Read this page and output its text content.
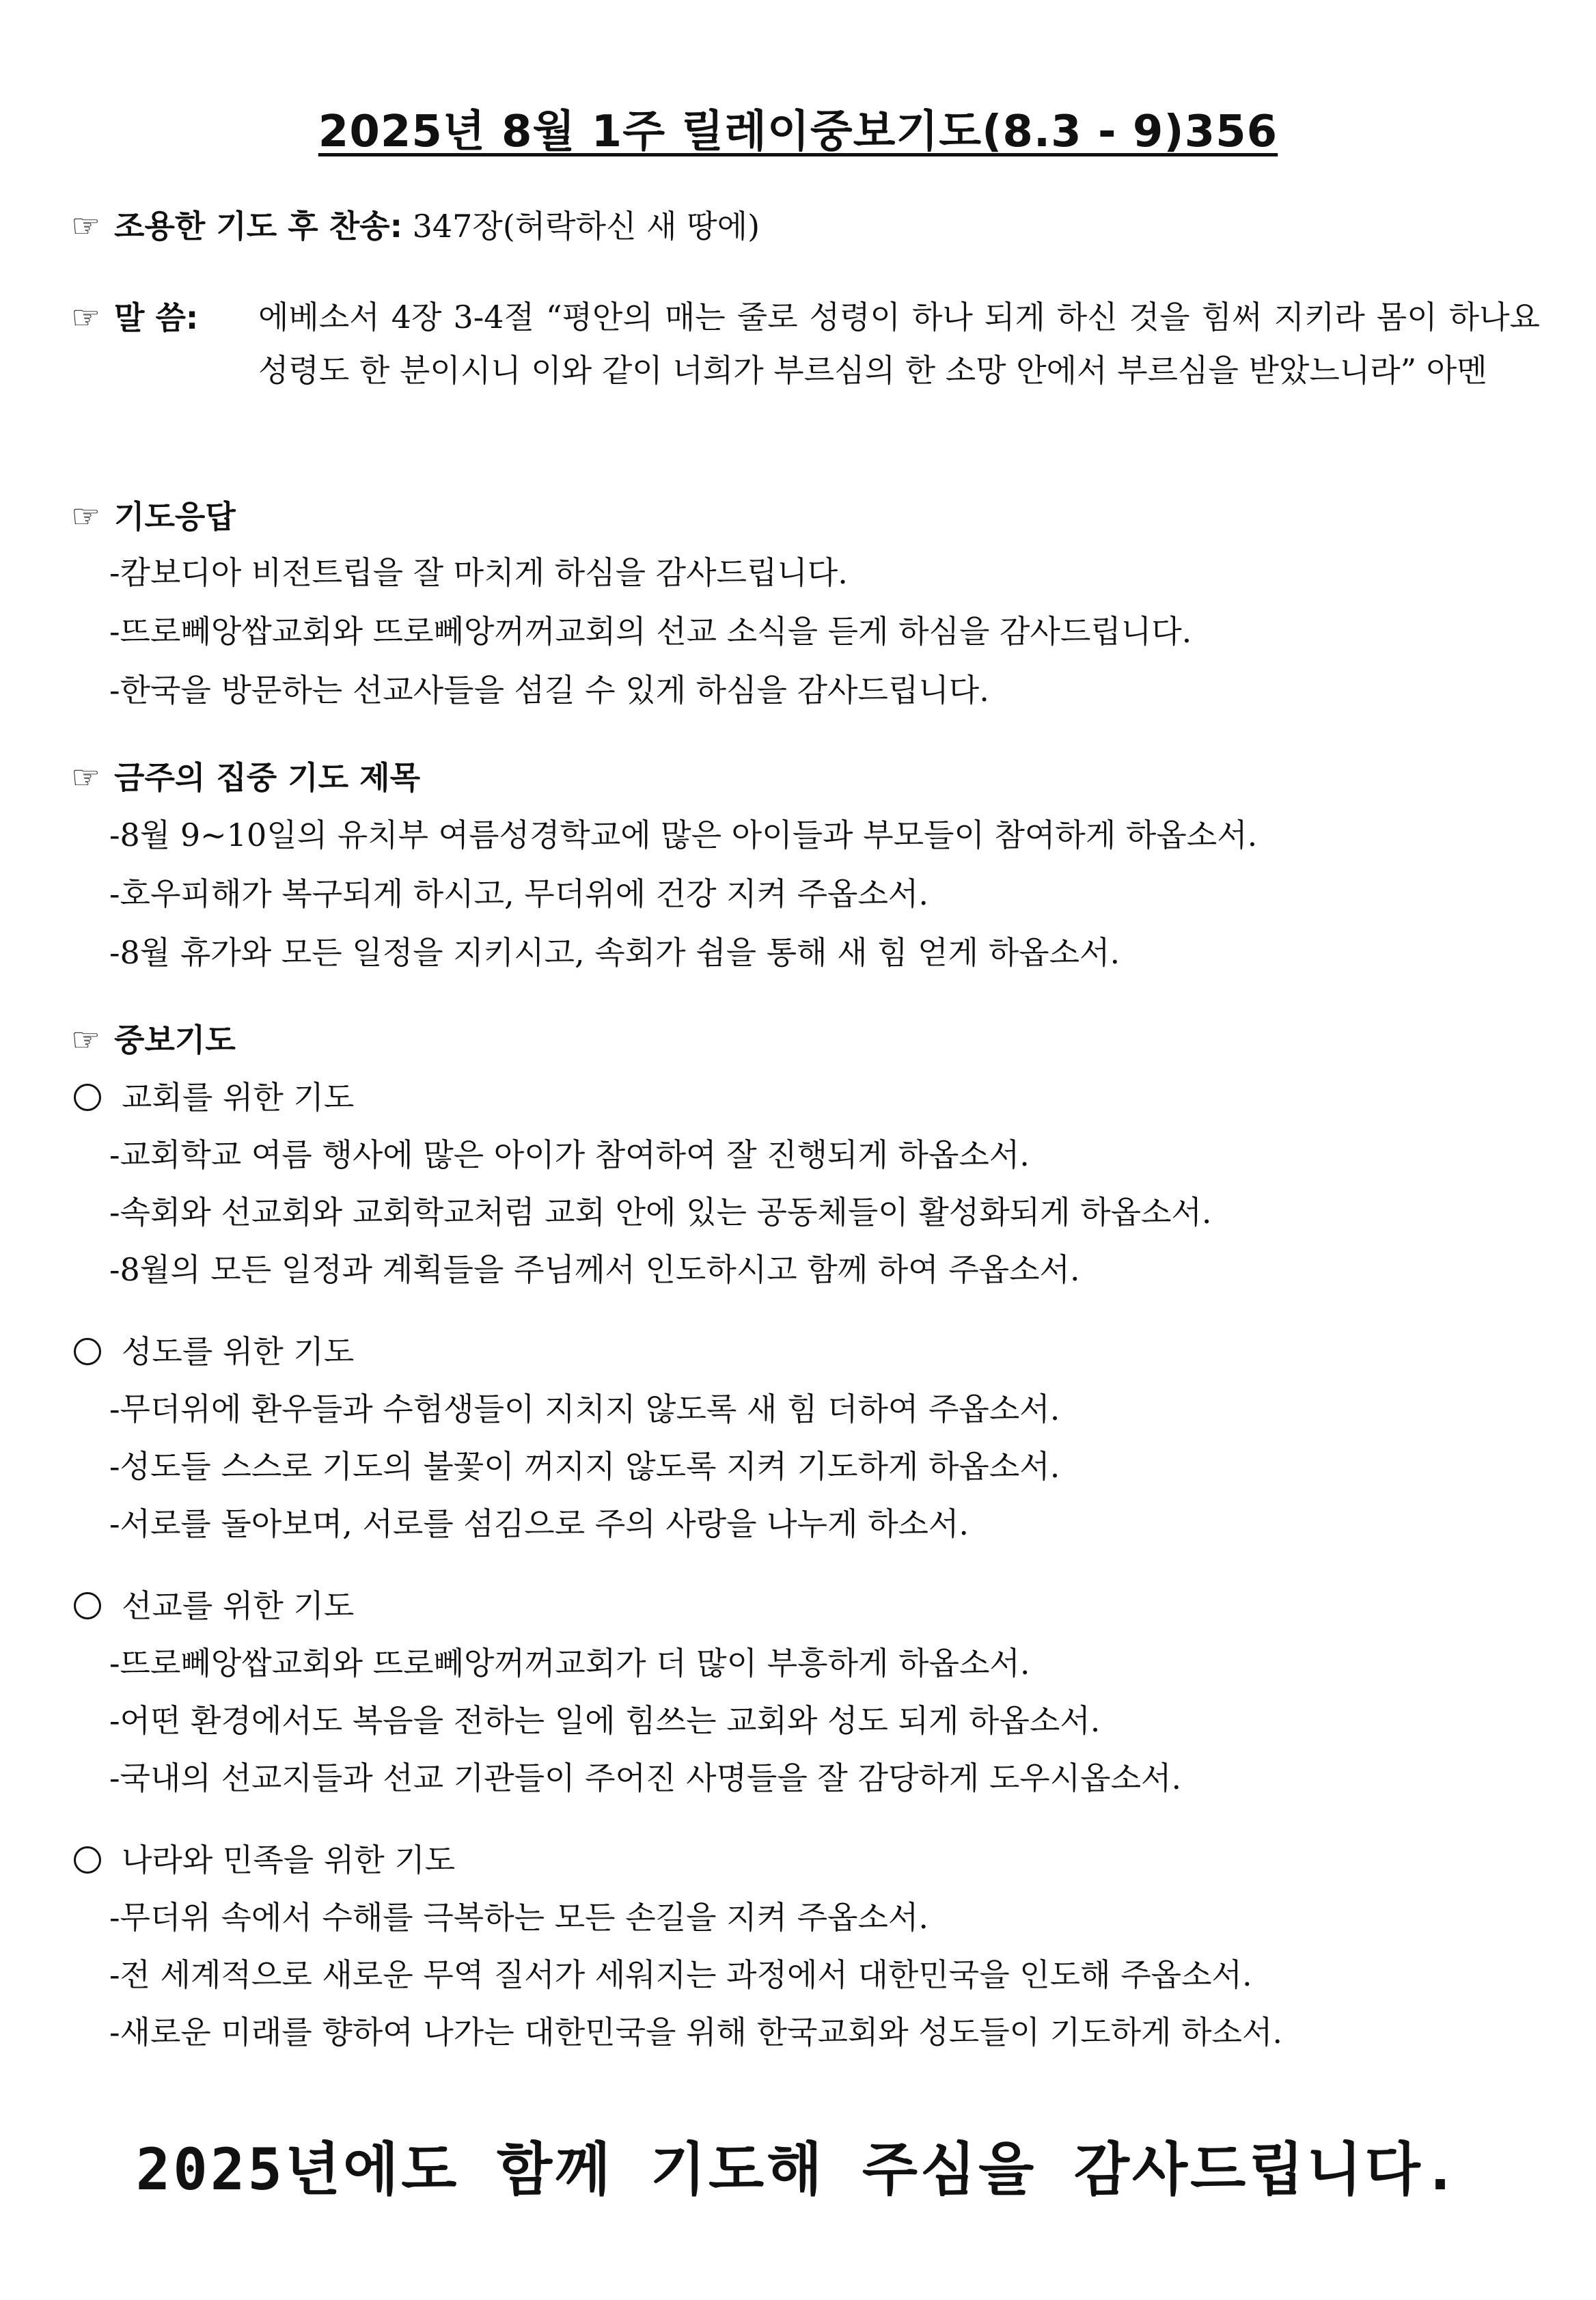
2025년 8월 1주 릴레이중보기도(8.3 - 9)356
☞ 조용한 기도 후 찬송: 347장(허락하신 새 땅에)
☞ 말 씀: 에베소서 4장 3-4절 “평안의 매는 줄로 성령이 하나 되게 하신 것을 힘써 지키라 몸이 하나요 성령도 한 분이시니 이와 같이 너희가 부르심의 한 소망 안에서 부르심을 받았느니라” 아멘
☞ 기도응답
-캄보디아 비전트립을 잘 마치게 하심을 감사드립니다.
-뜨로뻬앙쌉교회와 뜨로뻬앙꺼꺼교회의 선교 소식을 듣게 하심을 감사드립니다.
-한국을 방문하는 선교사들을 섬길 수 있게 하심을 감사드립니다.
☞ 금주의 집중 기도 제목
-8월 9~10일의 유치부 여름성경학교에 많은 아이들과 부모들이 참여하게 하옵소서.
-호우피해가 복구되게 하시고, 무더위에 건강 지켜 주옵소서.
-8월 휴가와 모든 일정을 지키시고, 속회가 쉼을 통해 새 힘 얻게 하옵소서.
☞ 중보기도
교회를 위한 기도
-교회학교 여름 행사에 많은 아이가 참여하여 잘 진행되게 하옵소서.
-속회와 선교회와 교회학교처럼 교회 안에 있는 공동체들이 활성화되게 하옵소서.
-8월의 모든 일정과 계획들을 주님께서 인도하시고 함께 하여 주옵소서.
성도를 위한 기도
-무더위에 환우들과 수험생들이 지치지 않도록 새 힘 더하여 주옵소서.
-성도들 스스로 기도의 불꽃이 꺼지지 않도록 지켜 기도하게 하옵소서.
-서로를 돌아보며, 서로를 섬김으로 주의 사랑을 나누게 하소서.
선교를 위한 기도
-뜨로뻬앙쌉교회와 뜨로뻬앙꺼꺼교회가 더 많이 부흥하게 하옵소서.
-어떤 환경에서도 복음을 전하는 일에 힘쓰는 교회와 성도 되게 하옵소서.
-국내의 선교지들과 선교 기관들이 주어진 사명들을 잘 감당하게 도우시옵소서.
나라와 민족을 위한 기도
-무더위 속에서 수해를 극복하는 모든 손길을 지켜 주옵소서.
-전 세계적으로 새로운 무역 질서가 세워지는 과정에서 대한민국을 인도해 주옵소서.
-새로운 미래를 향하여 나가는 대한민국을 위해 한국교회와 성도들이 기도하게 하소서.
2025년에도 함께 기도해 주심을 감사드립니다.
